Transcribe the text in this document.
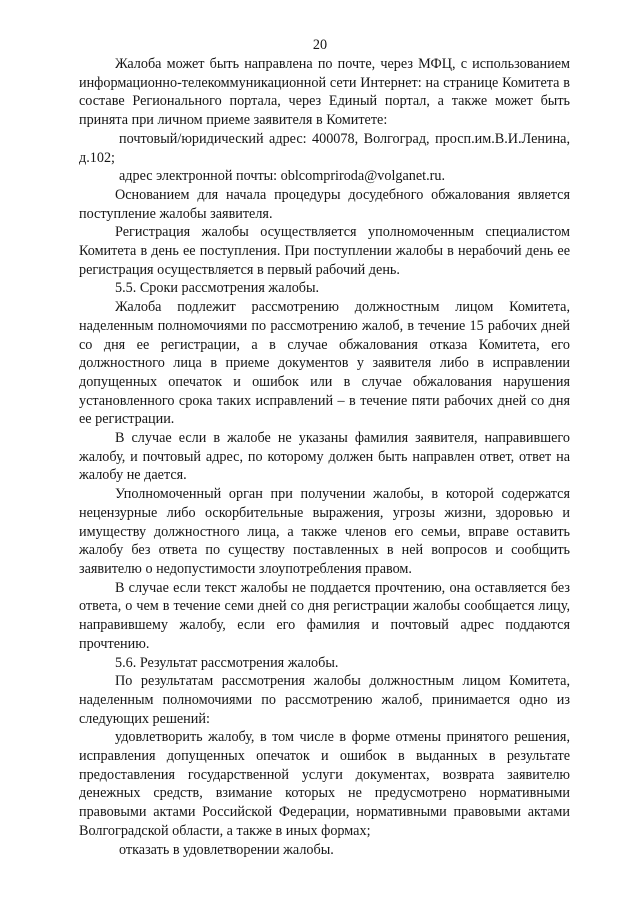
20

Жалоба может быть направлена по почте, через МФЦ, с использованием информационно-телекоммуникационной сети Интернет: на странице Комитета в составе Регионального портала, через Единый портал, а также может быть принята при личном приеме заявителя в Комитете:

почтовый/юридический адрес: 400078, Волгоград, просп.им.В.И.Ленина, д.102;

адрес электронной почты: oblcomprirodа@volganet.ru.

Основанием для начала процедуры досудебного обжалования является поступление жалобы заявителя.

Регистрация жалобы осуществляется уполномоченным специалистом Комитета в день ее поступления. При поступлении жалобы в нерабочий день ее регистрация осуществляется в первый рабочий день.

5.5. Сроки рассмотрения жалобы.

Жалоба подлежит рассмотрению должностным лицом Комитета, наделенным полномочиями по рассмотрению жалоб, в течение 15 рабочих дней со дня ее регистрации, а в случае обжалования отказа Комитета, его должностного лица в приеме документов у заявителя либо в исправлении допущенных опечаток и ошибок или в случае обжалования нарушения установленного срока таких исправлений – в течение пяти рабочих дней со дня ее регистрации.

В случае если в жалобе не указаны фамилия заявителя, направившего жалобу, и почтовый адрес, по которому должен быть направлен ответ, ответ на жалобу не дается.

Уполномоченный орган при получении жалобы, в которой содержатся нецензурные либо оскорбительные выражения, угрозы жизни, здоровью и имуществу должностного лица, а также членов его семьи, вправе оставить жалобу без ответа по существу поставленных в ней вопросов и сообщить заявителю о недопустимости злоупотребления правом.

В случае если текст жалобы не поддается прочтению, она оставляется без ответа, о чем в течение семи дней со дня регистрации жалобы сообщается лицу, направившему жалобу, если его фамилия и почтовый адрес поддаются прочтению.

5.6. Результат рассмотрения жалобы.

По результатам рассмотрения жалобы должностным лицом Комитета, наделенным полномочиями по рассмотрению жалоб, принимается одно из следующих решений:

удовлетворить жалобу, в том числе в форме отмены принятого решения, исправления допущенных опечаток и ошибок в выданных в результате предоставления государственной услуги документах, возврата заявителю денежных средств, взимание которых не предусмотрено нормативными правовыми актами Российской Федерации, нормативными правовыми актами Волгоградской области, а также в иных формах;

отказать в удовлетворении жалобы.
